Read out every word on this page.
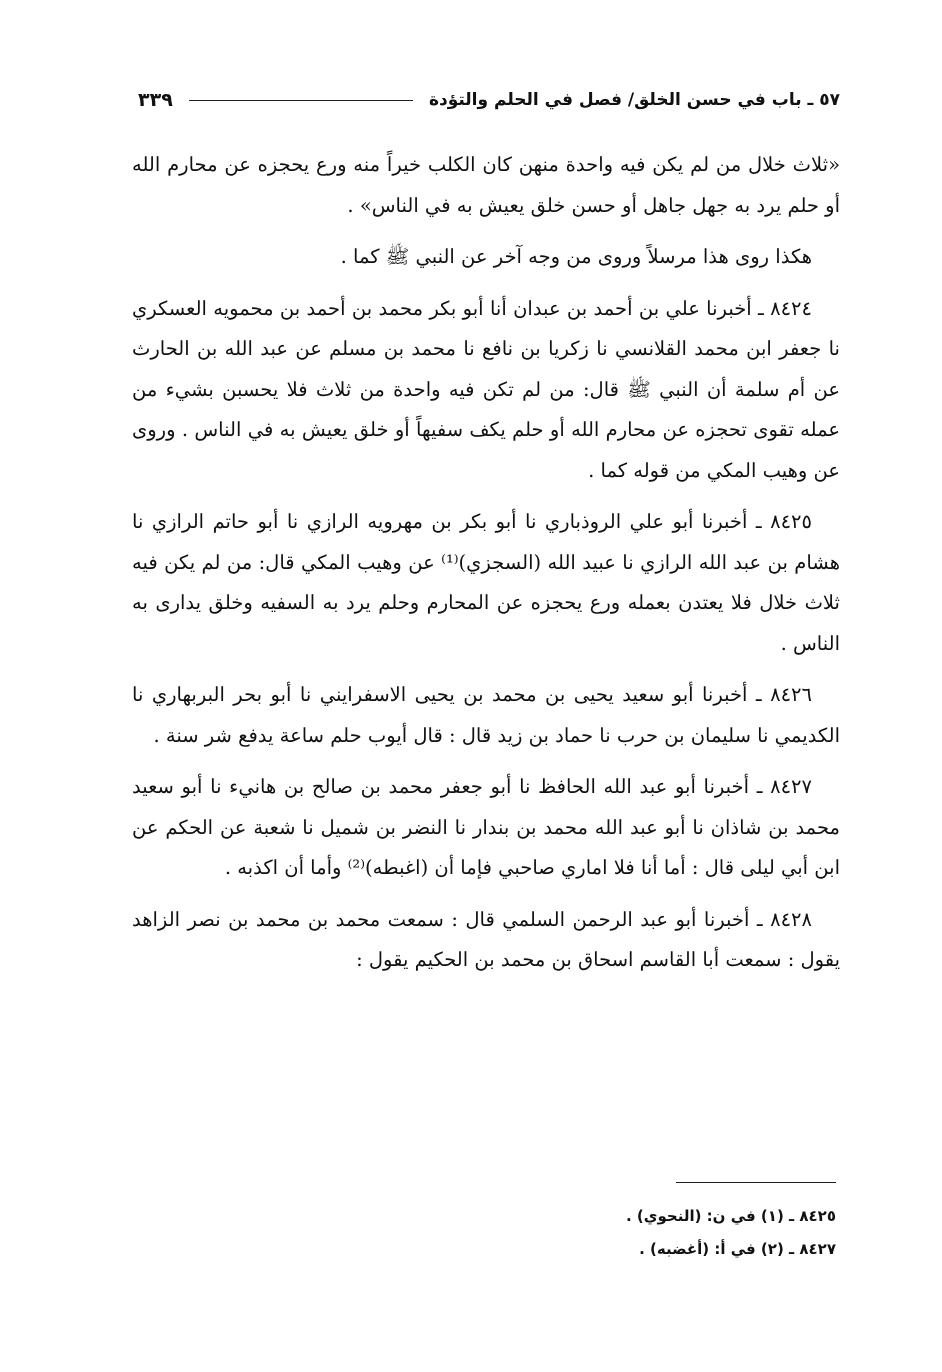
٥٧ ـ باب في حسن الخلق/ فصل في الحلم والتؤدة
٣٣٩

«ثلاث خلال من لم يكن فيه واحدة منهن كان الكلب خيراً منه ورع يحجزه عن محارم الله أو حلم يرد به جهل جاهل أو حسن خلق يعيش به في الناس» .

هكذا روى هذا مرسلاً وروى من وجه آخر عن النبي ﷺ كما .

٨٤٢٤ ـ أخبرنا علي بن أحمد بن عبدان أنا أبو بكر محمد بن أحمد بن محمويه العسكري نا جعفر ابن محمد القلانسي نا زكريا بن نافع نا محمد بن مسلم عن عبد الله بن الحارث عن أم سلمة أن النبي ﷺ قال: من لم تكن فيه واحدة من ثلاث فلا يحسبن بشيء من عمله تقوى تحجزه عن محارم الله أو حلم يكف سفيهاً أو خلق يعيش به في الناس . وروى عن وهيب المكي من قوله كما .

٨٤٢٥ ـ أخبرنا أبو علي الروذباري نا أبو بكر بن مهرويه الرازي نا أبو حاتم الرازي نا هشام بن عبد الله الرازي نا عبيد الله (السجزي)⁽¹⁾ عن وهيب المكي قال: من لم يكن فيه ثلاث خلال فلا يعتدن بعمله ورع يحجزه عن المحارم وحلم يرد به السفيه وخلق يدارى به الناس .

٨٤٢٦ ـ أخبرنا أبو سعيد يحيى بن محمد بن يحيى الاسفرايني نا أبو بحر البربهاري نا الكديمي نا سليمان بن حرب نا حماد بن زيد قال : قال أيوب حلم ساعة يدفع شر سنة .

٨٤٢٧ ـ أخبرنا أبو عبد الله الحافظ نا أبو جعفر محمد بن صالح بن هانيء نا أبو سعيد محمد بن شاذان نا أبو عبد الله محمد بن بندار نا النضر بن شميل نا شعبة عن الحكم عن ابن أبي ليلى قال : أما أنا فلا اماري صاحبي فإما أن (اغبطه)⁽²⁾ وأما أن اكذبه .

٨٤٢٨ ـ أخبرنا أبو عبد الرحمن السلمي قال : سمعت محمد بن محمد بن نصر الزاهد يقول : سمعت أبا القاسم اسحاق بن محمد بن الحكيم يقول :

٨٤٢٥ ـ (١) في ن: (النحوي) .

٨٤٢٧ ـ (٢) في أ: (أغضبه) .
